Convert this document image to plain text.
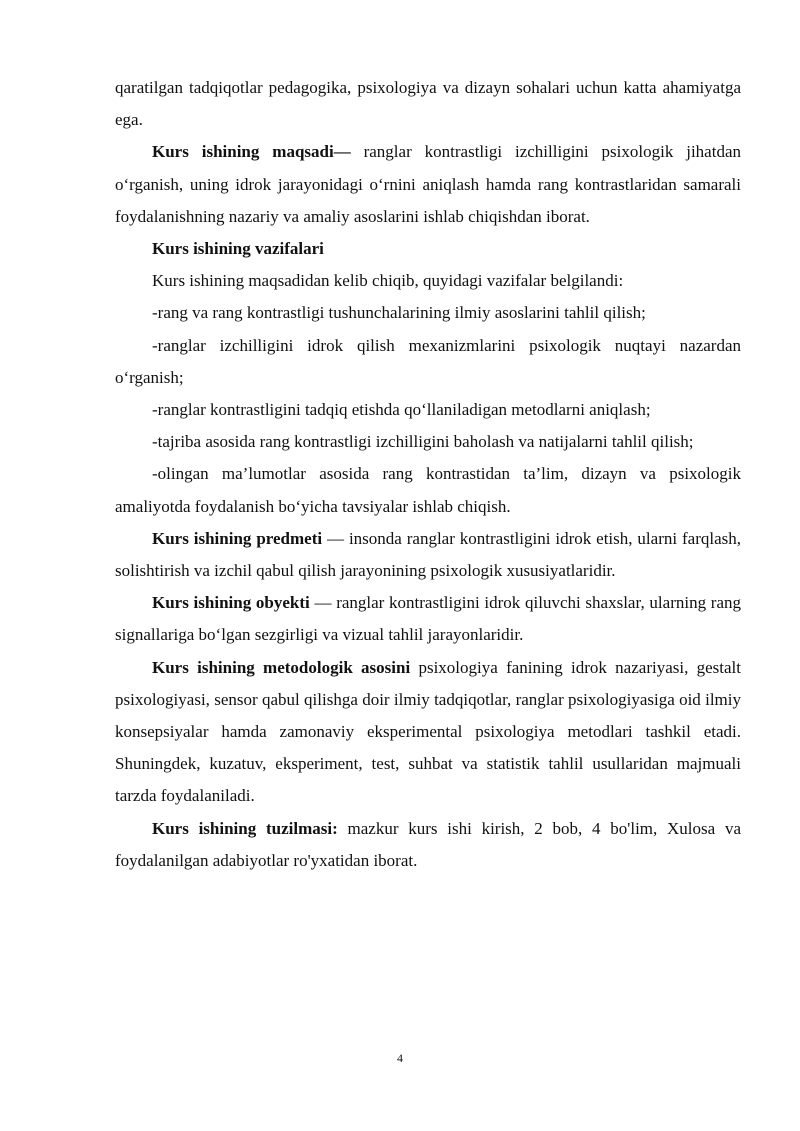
qaratilgan tadqiqotlar pedagogika, psixologiya va dizayn sohalari uchun katta ahamiyatga ega.

Kurs ishining maqsadi— ranglar kontrastligi izchilligini psixologik jihatdan o‘rganish, uning idrok jarayonidagi o‘rnini aniqlash hamda rang kontrastlaridan samarali foydalanishning nazariy va amaliy asoslarini ishlab chiqishdan iborat.

Kurs ishining vazifalari

Kurs ishining maqsadidan kelib chiqib, quyidagi vazifalar belgilandi:

-rang va rang kontrastligi tushunchalarining ilmiy asoslarini tahlil qilish;

-ranglar izchilligini idrok qilish mexanizmlarini psixologik nuqtayi nazardan o‘rganish;

-ranglar kontrastligini tadqiq etishda qo‘llaniladigan metodlarni aniqlash;

-tajriba asosida rang kontrastligi izchilligini baholash va natijalarni tahlil qilish;

-olingan ma’lumotlar asosida rang kontrastidan ta’lim, dizayn va psixologik amaliyotda foydalanish bo‘yicha tavsiyalar ishlab chiqish.

Kurs ishining predmeti — insonda ranglar kontrastligini idrok etish, ularni farqlash, solishtirish va izchil qabul qilish jarayonining psixologik xususiyatlaridir.

Kurs ishining obyekti — ranglar kontrastligini idrok qiluvchi shaxslar, ularning rang signallariga bo‘lgan sezgirligi va vizual tahlil jarayonlaridir.

Kurs ishining metodologik asosini psixologiya fanining idrok nazariyasi, gestalt psixologiyasi, sensor qabul qilishga doir ilmiy tadqiqotlar, ranglar psixologiyasiga oid ilmiy konsepsiyalar hamda zamonaviy eksperimental psixologiya metodlari tashkil etadi. Shuningdek, kuzatuv, eksperiment, test, suhbat va statistik tahlil usullaridan majmuali tarzda foydalaniladi.

Kurs ishining tuzilmasi: mazkur kurs ishi kirish, 2 bob, 4 bo'lim, Xulosa va foydalanilgan adabiyotlar ro'yxatidan iborat.

4
